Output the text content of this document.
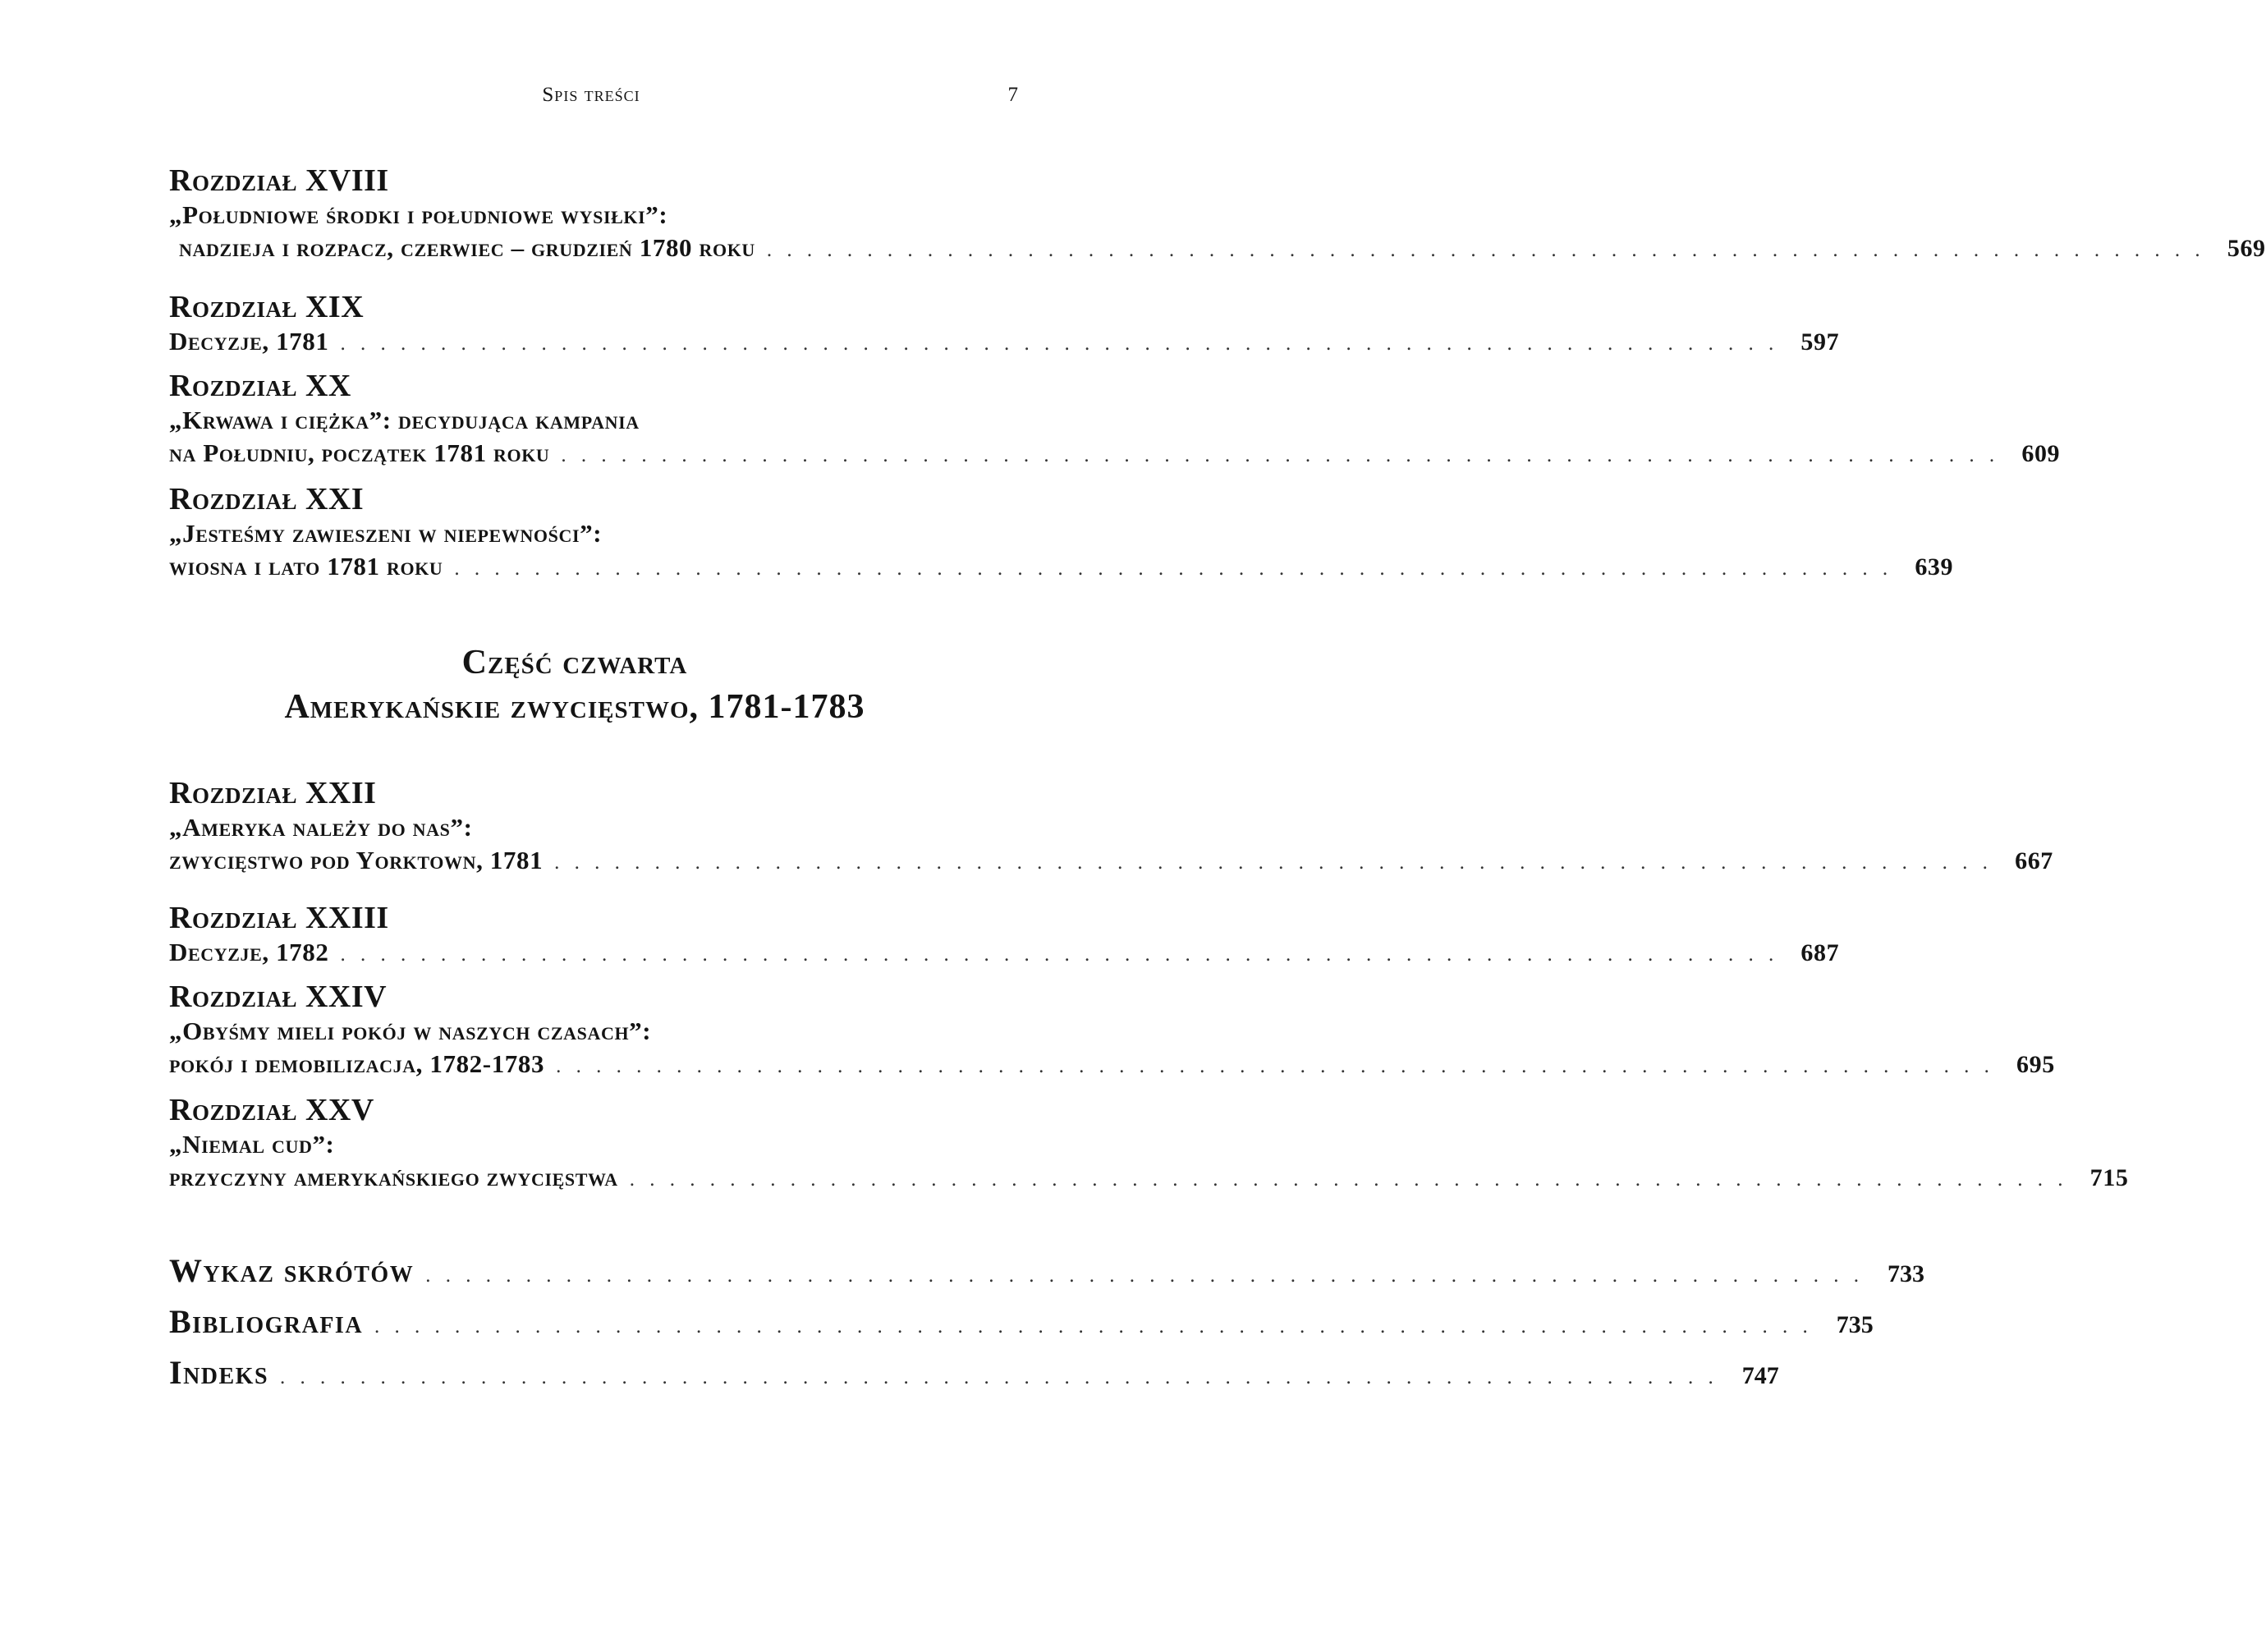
Spis treści	7
Rozdział XVIII
„Południowe środki i południowe wysiłki”:
nadzieja i rozpacz, czerwiec – grudzień 1780 roku . . . . . . . . . . . . . . . . . . . . . . . . . . . . . . . . . . . . . . . . . . . . . . . . . . . . . . . . . . . . . . . . . . . . . . . . 569
Rozdział XIX
Decyzje, 1781 . . . . . . . . . . . . . . . . . . . . . . . . . . . . . . . . . . . . . . . . . . . . . . . . . . . . . . . . . . . . . . . . . . . . . . . . 597
Rozdział XX
„Krwawa i ciężka”: decydująca kampania
na Południu, początek 1781 roku . . . . . . . . . . . . . . . . . . . . . . . . . . . . . . . . . . . . . . . . . . . . . . . . . . . . . . . . . . . . . . . . . . . . . . . . 609
Rozdział XXI
„Jesteśmy zawieszeni w niepewności”:
wiosna i lato 1781 roku . . . . . . . . . . . . . . . . . . . . . . . . . . . . . . . . . . . . . . . . . . . . . . . . . . . . . . . . . . . . . . . . . . . . . . . . 639
Część czwarta
Amerykańskie zwycięstwo, 1781-1783
Rozdział XXII
„Ameryka należy do nas”:
zwycięstwo pod Yorktown, 1781 . . . . . . . . . . . . . . . . . . . . . . . . . . . . . . . . . . . . . . . . . . . . . . . . . . . . . . . . . . . . . . . . . . . . . . . . 667
Rozdział XXIII
Decyzje, 1782 . . . . . . . . . . . . . . . . . . . . . . . . . . . . . . . . . . . . . . . . . . . . . . . . . . . . . . . . . . . . . . . . . . . . . . . . 687
Rozdział XXIV
„Obyśmy mieli pokój w naszych czasach”:
pokój i demobilizacja, 1782-1783 . . . . . . . . . . . . . . . . . . . . . . . . . . . . . . . . . . . . . . . . . . . . . . . . . . . . . . . . . . . . . . . . . . . . . . . . 695
Rozdział XXV
„Niemal cud”:
przyczyny amerykańskiego zwycięstwa . . . . . . . . . . . . . . . . . . . . . . . . . . . . . . . . . . . . . . . . . . . . . . . . . . . . . . . . . . . . . . . . . . . . . . . . 715
Wykaz skrótów . . . . . . . . . . . . . . . . . . . . . . . . . . . . . . . . . . . . . . . . . . . . . . . . . . . . . . . . . . . . . . . . . . . . . . . . 733
Bibliografia . . . . . . . . . . . . . . . . . . . . . . . . . . . . . . . . . . . . . . . . . . . . . . . . . . . . . . . . . . . . . . . . . . . . . . . . 735
Indeks . . . . . . . . . . . . . . . . . . . . . . . . . . . . . . . . . . . . . . . . . . . . . . . . . . . . . . . . . . . . . . . . . . . . . . . . 747
